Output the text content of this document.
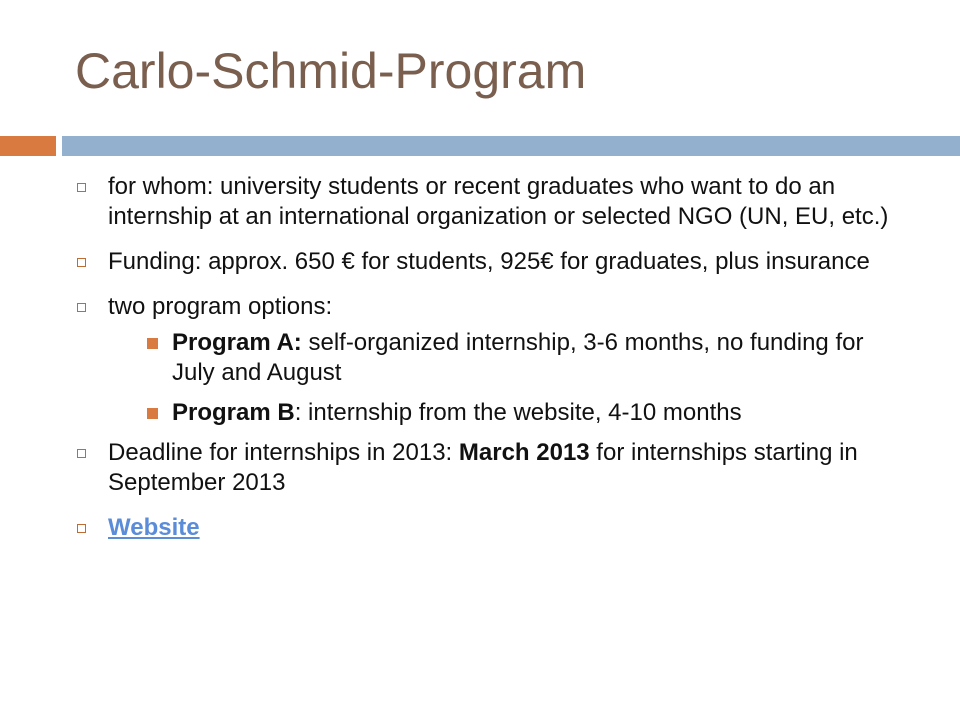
Carlo-Schmid-Program
for whom: university students or recent graduates who want to do an internship at an international organization or selected NGO (UN, EU, etc.)
Funding: approx. 650 € for students, 925€ for graduates, plus insurance
two program options:
Program A: self-organized internship, 3-6 months, no funding for July and August
Program B: internship from the website, 4-10 months
Deadline for internships in 2013: March 2013 for internships starting in September 2013
Website
